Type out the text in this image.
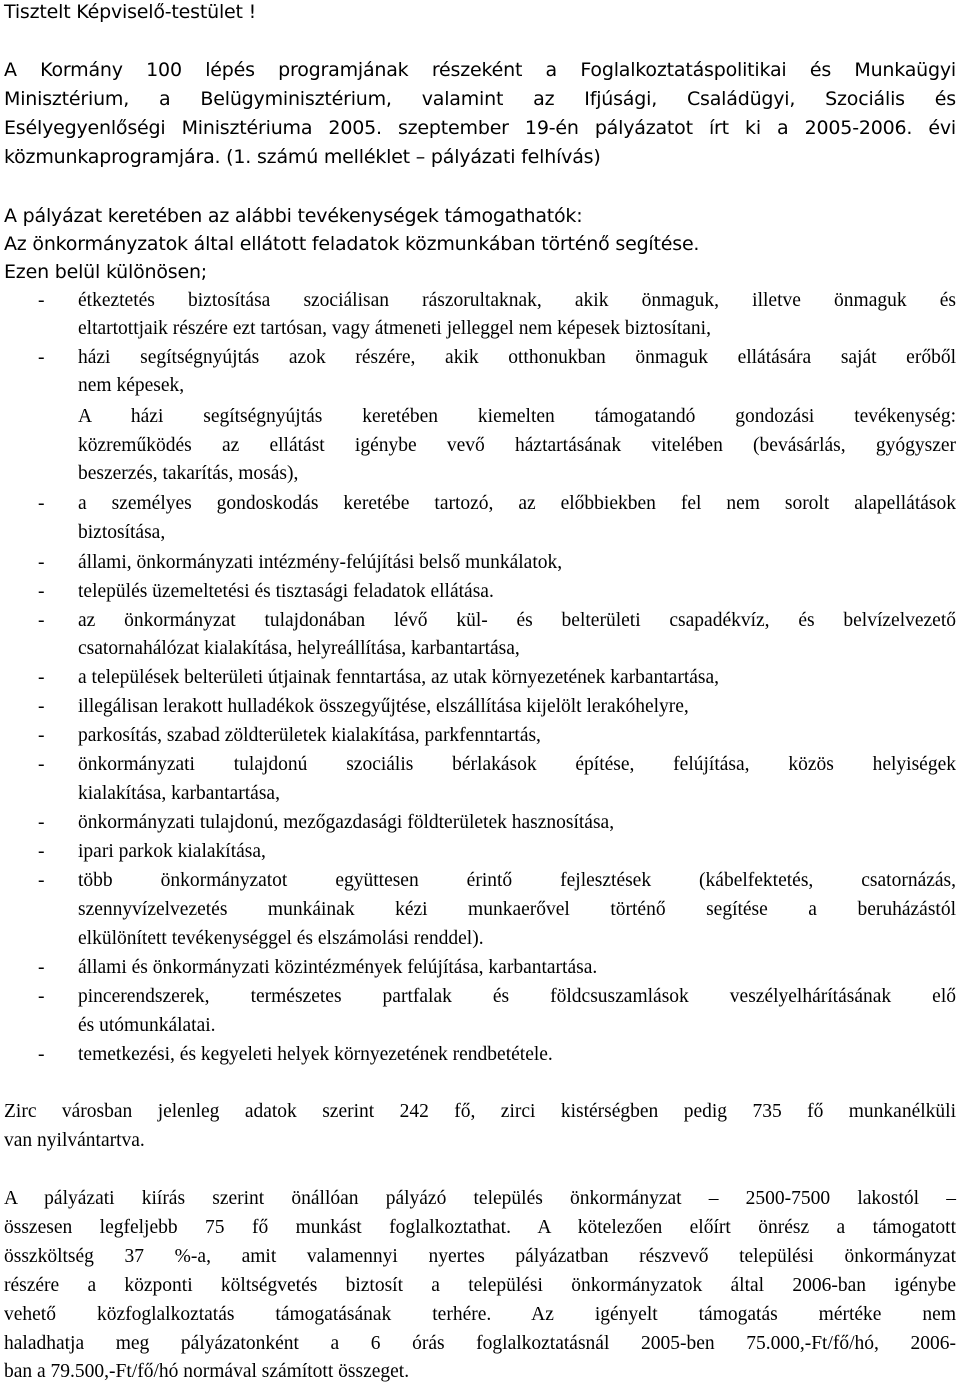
Tisztelt Képviselő-testület !
A Kormány 100 lépés programjának részeként a Foglalkoztatáspolitikai és Munkaügyi
Minisztérium, a Belügyminisztérium, valamint az Ifjúsági, Családügyi, Szociális és
Esélyegyenlőségi Minisztériuma 2005. szeptember 19-én pályázatot írt ki a 2005-2006. évi
közmunkaprogramjára. (1. számú melléklet – pályázati felhívás)
A pályázat keretében az alábbi tevékenységek támogathatók:
Az önkormányzatok által ellátott feladatok közmunkában történő segítése.
Ezen belül különösen;
- étkeztetés biztosítása szociálisan rászorultaknak, akik önmaguk, illetve önmaguk és
eltartottjaik részére ezt tartósan, vagy átmeneti jelleggel nem képesek biztosítani,
- házi segítségnyújtás azok részére, akik otthonukban önmaguk ellátására saját erőből
nem képesek,
A házi segítségnyújtás keretében kiemelten támogatandó gondozási tevékenység:
közreműködés az ellátást igénybe vevő háztartásának vitelében (bevásárlás, gyógyszer
beszerzés, takarítás, mosás),
- a személyes gondoskodás keretébe tartozó, az előbbiekben fel nem sorolt alapellátások
biztosítása,
- állami, önkormányzati intézmény-felújítási belső munkálatok,
- település üzemeltetési és tisztasági feladatok ellátása.
- az önkormányzat tulajdonában lévő kül- és belterületi csapadékvíz, és belvízelvezető
csatornahálózat kialakítása, helyreállítása, karbantartása,
- a települések belterületi útjainak fenntartása, az utak környezetének karbantartása,
- illegálisan lerakott hulladékok összegyűjtése, elszállítása kijelölt lerakóhelyre,
- parkosítás, szabad zöldterületek kialakítása, parkfenntartás,
- önkormányzati tulajdonú szociális bérlakások építése, felújítása, közös helyiségek
kialakítása, karbantartása,
- önkormányzati tulajdonú, mezőgazdasági földterületek hasznosítása,
- ipari parkok kialakítása,
- több önkormányzatot együttesen érintő fejlesztések (kábelfektetés, csatornázás,
szennyvízelvezetés munkáinak kézi munkaerővel történő segítése a beruházástól
elkülönített tevékenységgel és elszámolási renddel).
- állami és önkormányzati közintézmények felújítása, karbantartása.
- pincerendszerek, természetes partfalak és földcsuszamlások veszélyelhárításának elő
és utómunkálatai.
- temetkezési, és kegyeleti helyek környezetének rendbetétele.
Zirc városban jelenleg adatok szerint 242 fő, zirci kistérségben pedig 735 fő munkanélküli
van nyilvántartva.
A pályázati kiírás szerint önállóan pályázó település önkormányzat – 2500-7500 lakostól –
összesen legfeljebb 75 fő munkást foglalkoztathat. A kötelezően előírt önrész a támogatott
összköltség 37 %-a, amit valamennyi nyertes pályázatban részvevő települési önkormányzat
részére a központi költségvetés biztosít a települési önkormányzatok által 2006-ban igénybe
vehető közfoglalkoztatás támogatásának terhére. Az igényelt támogatás mértéke nem
haladhatja meg pályázatonként a 6 órás foglalkoztatásnál 2005-ben 75.000,-Ft/fő/hó, 2006-
ban a 79.500,-Ft/fő/hó normával számított összeget.
